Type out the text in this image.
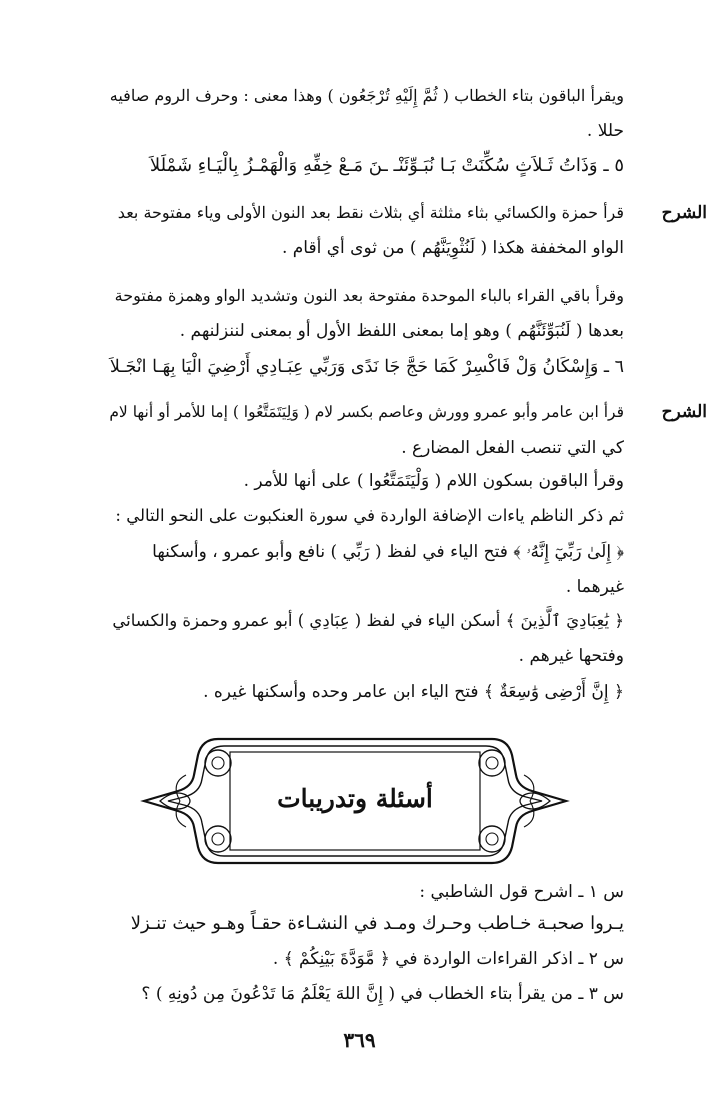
ويقرأ الباقون بتاء الخطاب ( ثُمَّ إِلَيْهِ تُرْجَعُون ) وهذا معنى : وحرف الروم صافيه
حللا .
٥ ـ وَذَاتُ ثَـلاَثٍ سُكِّنَتْ بَـا نُبَـوِّئَنْـ ـنَ مَـعْ خِفِّهِ وَالْهَمْـزُ بِالْيَـاءِ شَمْلَلاَ
الشرح
قرأ حمزة والكسائي بثاء مثلثة أي بثلاث نقط بعد النون الأولى وياء مفتوحة بعد
الواو المخففة هكذا ( لَنُثْوِيَنَّهُم ) من ثوى أي أقام .
وقرأ باقي القراء بالباء الموحدة مفتوحة بعد النون وتشديد الواو وهمزة مفتوحة
بعدها ( لَنُبَوِّئَنَّهُم ) وهو إما بمعنى اللفظ الأول أو بمعنى لننزلنهم .
٦ ـ وَإِسْكَانُ وَلْ فَاكْسِرْ كَمَا حَجَّ جَا نَدًى وَرَبِّي عِبَـادِي أَرْضِيَ الْيَا بِهَـا انْجَـلاَ
الشرح
قرأ ابن عامر وأبو عمرو وورش وعاصم بكسر لام ( وَلِيَتَمَتَّعُوا ) إما للأمر أو أنها لام
كي التي تنصب الفعل المضارع .
وقرأ الباقون بسكون اللام ( وَلْيَتَمَتَّعُوا ) على أنها للأمر .
ثم ذكر الناظم ياءات الإضافة الواردة في سورة العنكبوت على النحو التالي :
﴿ إِلَىٰ رَبِّيٓ إِنَّهُۥ ﴾ فتح الياء في لفظ ( رَبِّي ) نافع وأبو عمرو ، وأسكنها
غيرهما .
﴿ يَٰعِبَادِيَ ٱلَّذِينَ ﴾ أسكن الياء في لفظ ( عِبَادِي ) أبو عمرو وحمزة والكسائي
وفتحها غيرهم .
﴿ إِنَّ أَرْضِى وَٰسِعَةٌ ﴾ فتح الياء ابن عامر وحده وأسكنها غيره .
أسئلة وتدريبات
س ١ ـ اشرح قول الشاطبي :
يـروا صحبـة خـاطب وحـرك ومـد في النشـاءة حقـاً وهـو حيث تنـزلا
س ٢ ـ اذكر القراءات الواردة في ﴿ مَّوَدَّةَ بَيْنِكُمْ ﴾ .
س ٣ ـ من يقرأ بتاء الخطاب في ( إِنَّ اللهَ يَعْلَمُ مَا تَدْعُونَ مِن دُونِهِ ) ؟
٣٦٩
